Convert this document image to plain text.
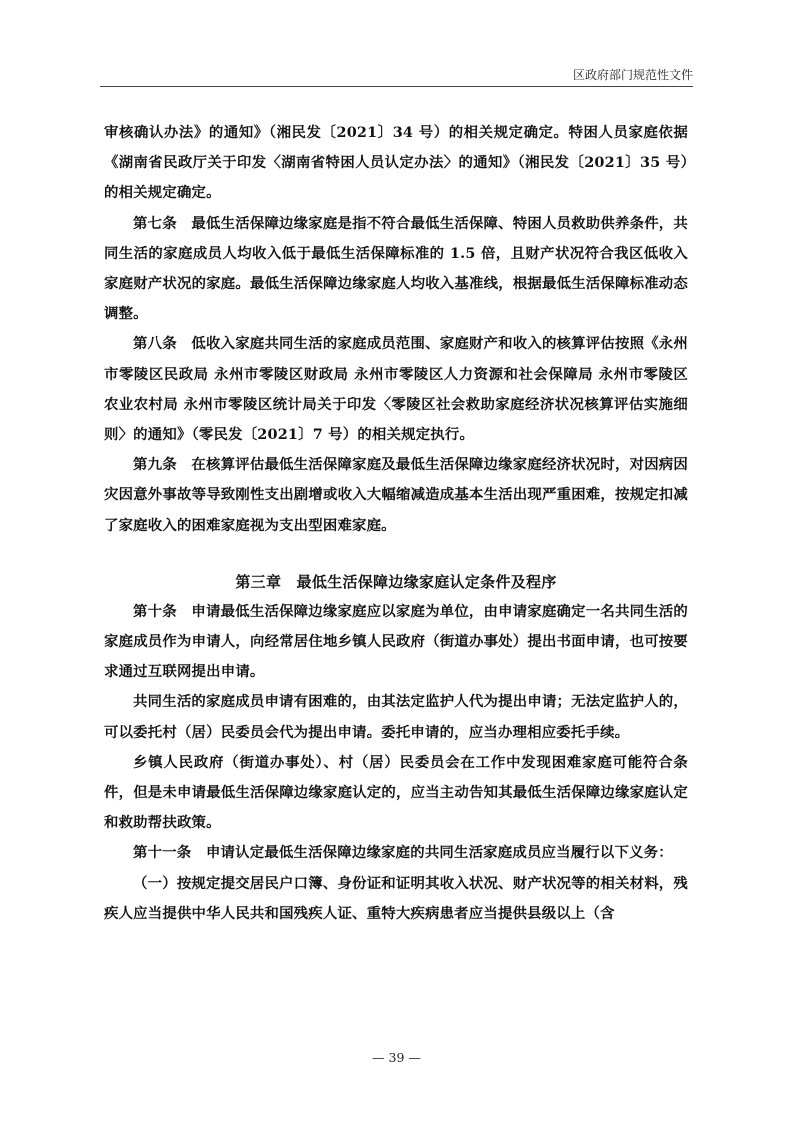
区政府部门规范性文件

审核确认办法》的通知》（湘民发〔2021〕34 号）的相关规定确定。特困人员家庭依据《湖南省民政厅关于印发〈湖南省特困人员认定办法〉的通知》（湘民发〔2021〕35 号）的相关规定确定。

第七条　最低生活保障边缘家庭是指不符合最低生活保障、特困人员救助供养条件，共同生活的家庭成员人均收入低于最低生活保障标准的 1.5 倍，且财产状况符合我区低收入家庭财产状况的家庭。最低生活保障边缘家庭人均收入基准线，根据最低生活保障标准动态调整。

第八条　低收入家庭共同生活的家庭成员范围、家庭财产和收入的核算评估按照《永州市零陵区民政局 永州市零陵区财政局 永州市零陵区人力资源和社会保障局 永州市零陵区农业农村局 永州市零陵区统计局关于印发〈零陵区社会救助家庭经济状况核算评估实施细则〉的通知》（零民发〔2021〕7 号）的相关规定执行。

第九条　在核算评估最低生活保障家庭及最低生活保障边缘家庭经济状况时，对因病因灾因意外事故等导致刚性支出剧增或收入大幅缩减造成基本生活出现严重困难，按规定扣减了家庭收入的困难家庭视为支出型困难家庭。

第三章　最低生活保障边缘家庭认定条件及程序

第十条　申请最低生活保障边缘家庭应以家庭为单位，由申请家庭确定一名共同生活的家庭成员作为申请人，向经常居住地乡镇人民政府（街道办事处）提出书面申请，也可按要求通过互联网提出申请。

共同生活的家庭成员申请有困难的，由其法定监护人代为提出申请；无法定监护人的，可以委托村（居）民委员会代为提出申请。委托申请的，应当办理相应委托手续。

乡镇人民政府（街道办事处）、村（居）民委员会在工作中发现困难家庭可能符合条件，但是未申请最低生活保障边缘家庭认定的，应当主动告知其最低生活保障边缘家庭认定和救助帮扶政策。

第十一条　申请认定最低生活保障边缘家庭的共同生活家庭成员应当履行以下义务：

（一）按规定提交居民户口簿、身份证和证明其收入状况、财产状况等的相关材料，残疾人应当提供中华人民共和国残疾人证、重特大疾病患者应当提供县级以上（含

— 39 —
